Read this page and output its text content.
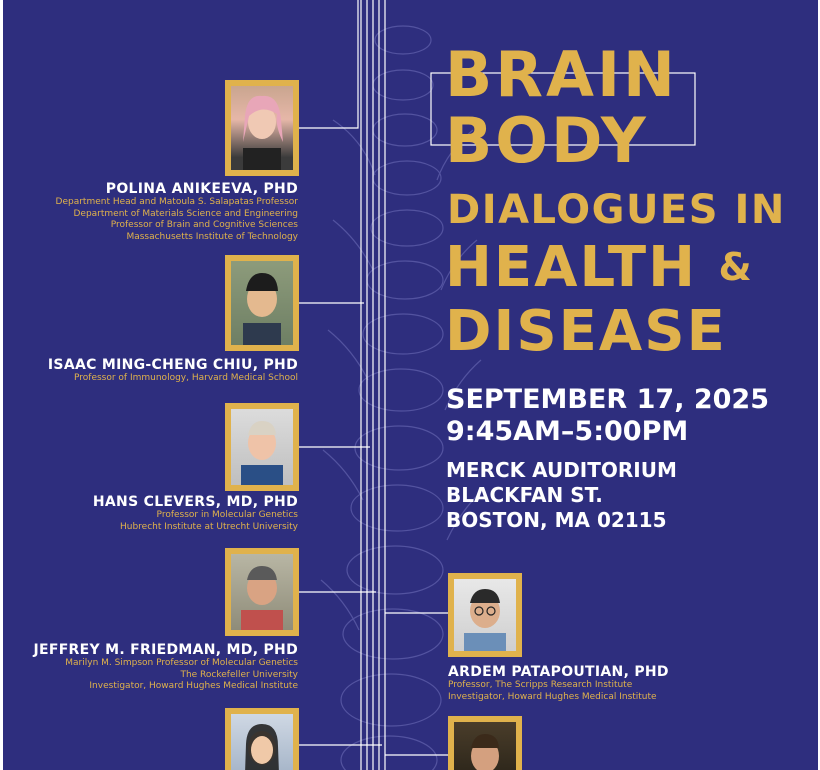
POLINA ANIKEEVA, PHD
Department Head and Matoula S. Salapatas Professor
Department of Materials Science and Engineering
Professor of Brain and Cognitive Sciences
Massachusetts Institute of Technology
ISAAC MING-CHENG CHIU, PHD
Professor of Immunology, Harvard Medical School
HANS CLEVERS, MD, PHD
Professor in Molecular Genetics
Hubrecht Institute at Utrecht University
JEFFREY M. FRIEDMAN, MD, PHD
Marilyn M. Simpson Professor of Molecular Genetics
The Rockefeller University
Investigator, Howard Hughes Medical Institute
BRAIN
BODY
DIALOGUES IN
HEALTH &
DISEASE
SEPTEMBER 17, 2025
9:45AM–5:00PM
MERCK AUDITORIUM
BLACKFAN ST.
BOSTON, MA 02115
ARDEM PATAPOUTIAN, PHD
Professor, The Scripps Research Institute
Investigator, Howard Hughes Medical Institute
